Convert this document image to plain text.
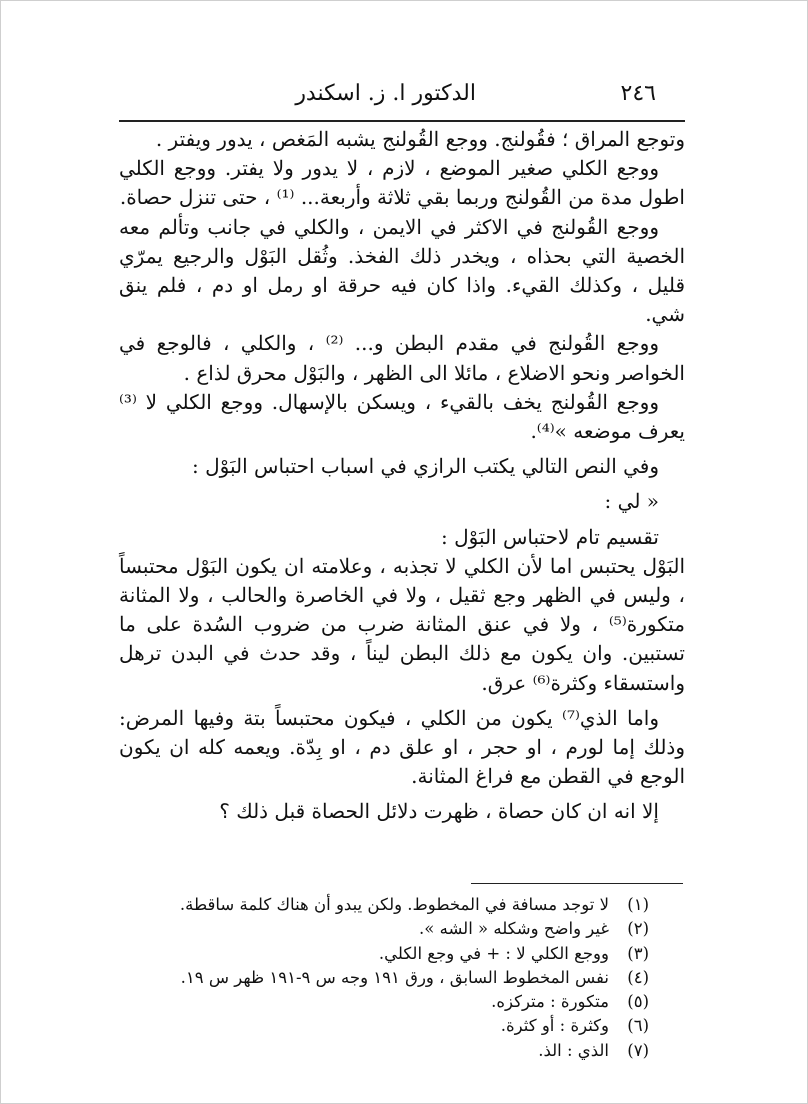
٢٤٦
الدكتور ا. ز. اسكندر

وتوجع المراق ؛ فقُولنج. ووجع القُولنج يشبه المَغص ، يدور ويفتر .

ووجع الكلي صغير الموضع ، لازم ، لا يدور ولا يفتر. ووجع الكلي اطول مدة من القُولنج وربما بقي ثلاثة وأربعة... ⁽¹⁾ ، حتى تنزل حصاة.

ووجع القُولنج في الاكثر في الايمن ، والكلي في جانب وتألم معه الخصية التي بحذاه ، ويخدر ذلك الفخذ. وثُقل البَوْل والرجيع يمرّي قليل ، وكذلك القيء. واذا كان فيه حرقة او رمل او دم ، فلم ينق شي.

ووجع القُولنج في مقدم البطن و... ⁽²⁾ ، والكلي ، فالوجع في الخواصر ونحو الاضلاع ، مائلا الى الظهر ، والبَوْل محرق لذاع .

ووجع القُولنج يخف بالقيء ، ويسكن بالإسهال. ووجع الكلي لا ⁽³⁾ يعرف موضعه »⁽⁴⁾.

وفي النص التالي يكتب الرازي في اسباب احتباس البَوْل :

« لي :

تقسيم تام لاحتباس البَوْل :

البَوْل يحتبس اما لأن الكلي لا تجذبه ، وعلامته ان يكون البَوْل محتبساً ، وليس في الظهر وجع ثقيل ، ولا في الخاصرة والحالب ، ولا المثانة متكورة⁽⁵⁾ ، ولا في عنق المثانة ضرب من ضروب السُدة على ما تستبين. وان يكون مع ذلك البطن ليناً ، وقد حدث في البدن ترهل واستسقاء وكثرة⁽⁶⁾ عرق.

واما الذي⁽⁷⁾ يكون من الكلي ، فيكون محتبساً بتة وفيها المرض: وذلك إما لورم ، او حجر ، او علق دم ، او بِدّة. ويعمه كله ان يكون الوجع في القطن مع فراغ المثانة.

إلا انه ان كان حصاة ، ظهرت دلائل الحصاة قبل ذلك ؟

(١)
لا توجد مسافة في المخطوط. ولكن يبدو أن هناك كلمة ساقطة.
(٢)
غير واضح وشكله « الشه ».
(٣)
ووجع الكلي لا : + في وجع الكلي.
(٤)
نفس المخطوط السابق ، ورق ١٩١ وجه س ٩-١٩١ ظهر س ١٩.
(٥)
متكورة : مترکزه.
(٦)
وكثرة : أو كثرة.
(٧)
الذي : الذ.
